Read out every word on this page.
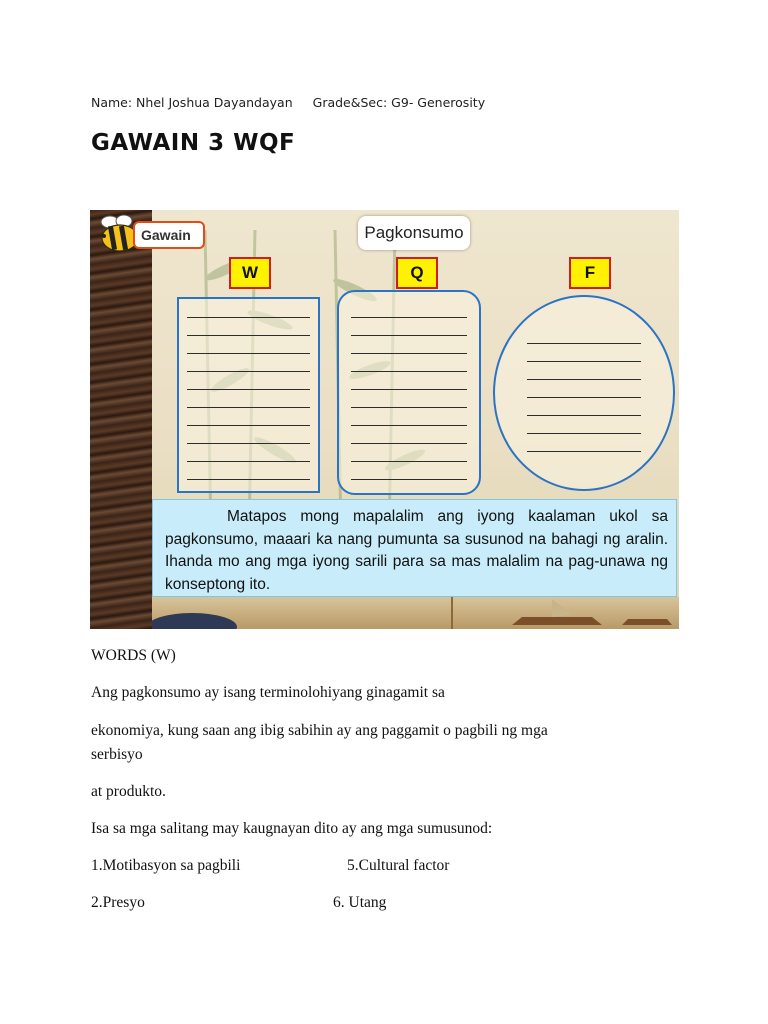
Name: Nhel Joshua Dayandayan Grade&Sec: G9- Generosity
GAWAIN 3 WQF
Gawain	Pagkonsumo
W	Q	F
Matapos mong mapalalim ang iyong kaalaman ukol sa pagkonsumo, maaari ka nang pumunta sa susunod na bahagi ng aralin. Ihanda mo ang mga iyong sarili para sa mas malalim na pag-unawa ng konseptong ito.
WORDS (W)
Ang pagkonsumo ay isang terminolohiyang ginagamit sa
ekonomiya, kung saan ang ibig sabihin ay ang paggamit o pagbili ng mga
serbisyo
at produkto.
Isa sa mga salitang may kaugnayan dito ay ang mga sumusunod:
1.Motibasyon sa pagbili	5.Cultural factor
2.Presyo	6. Utang
